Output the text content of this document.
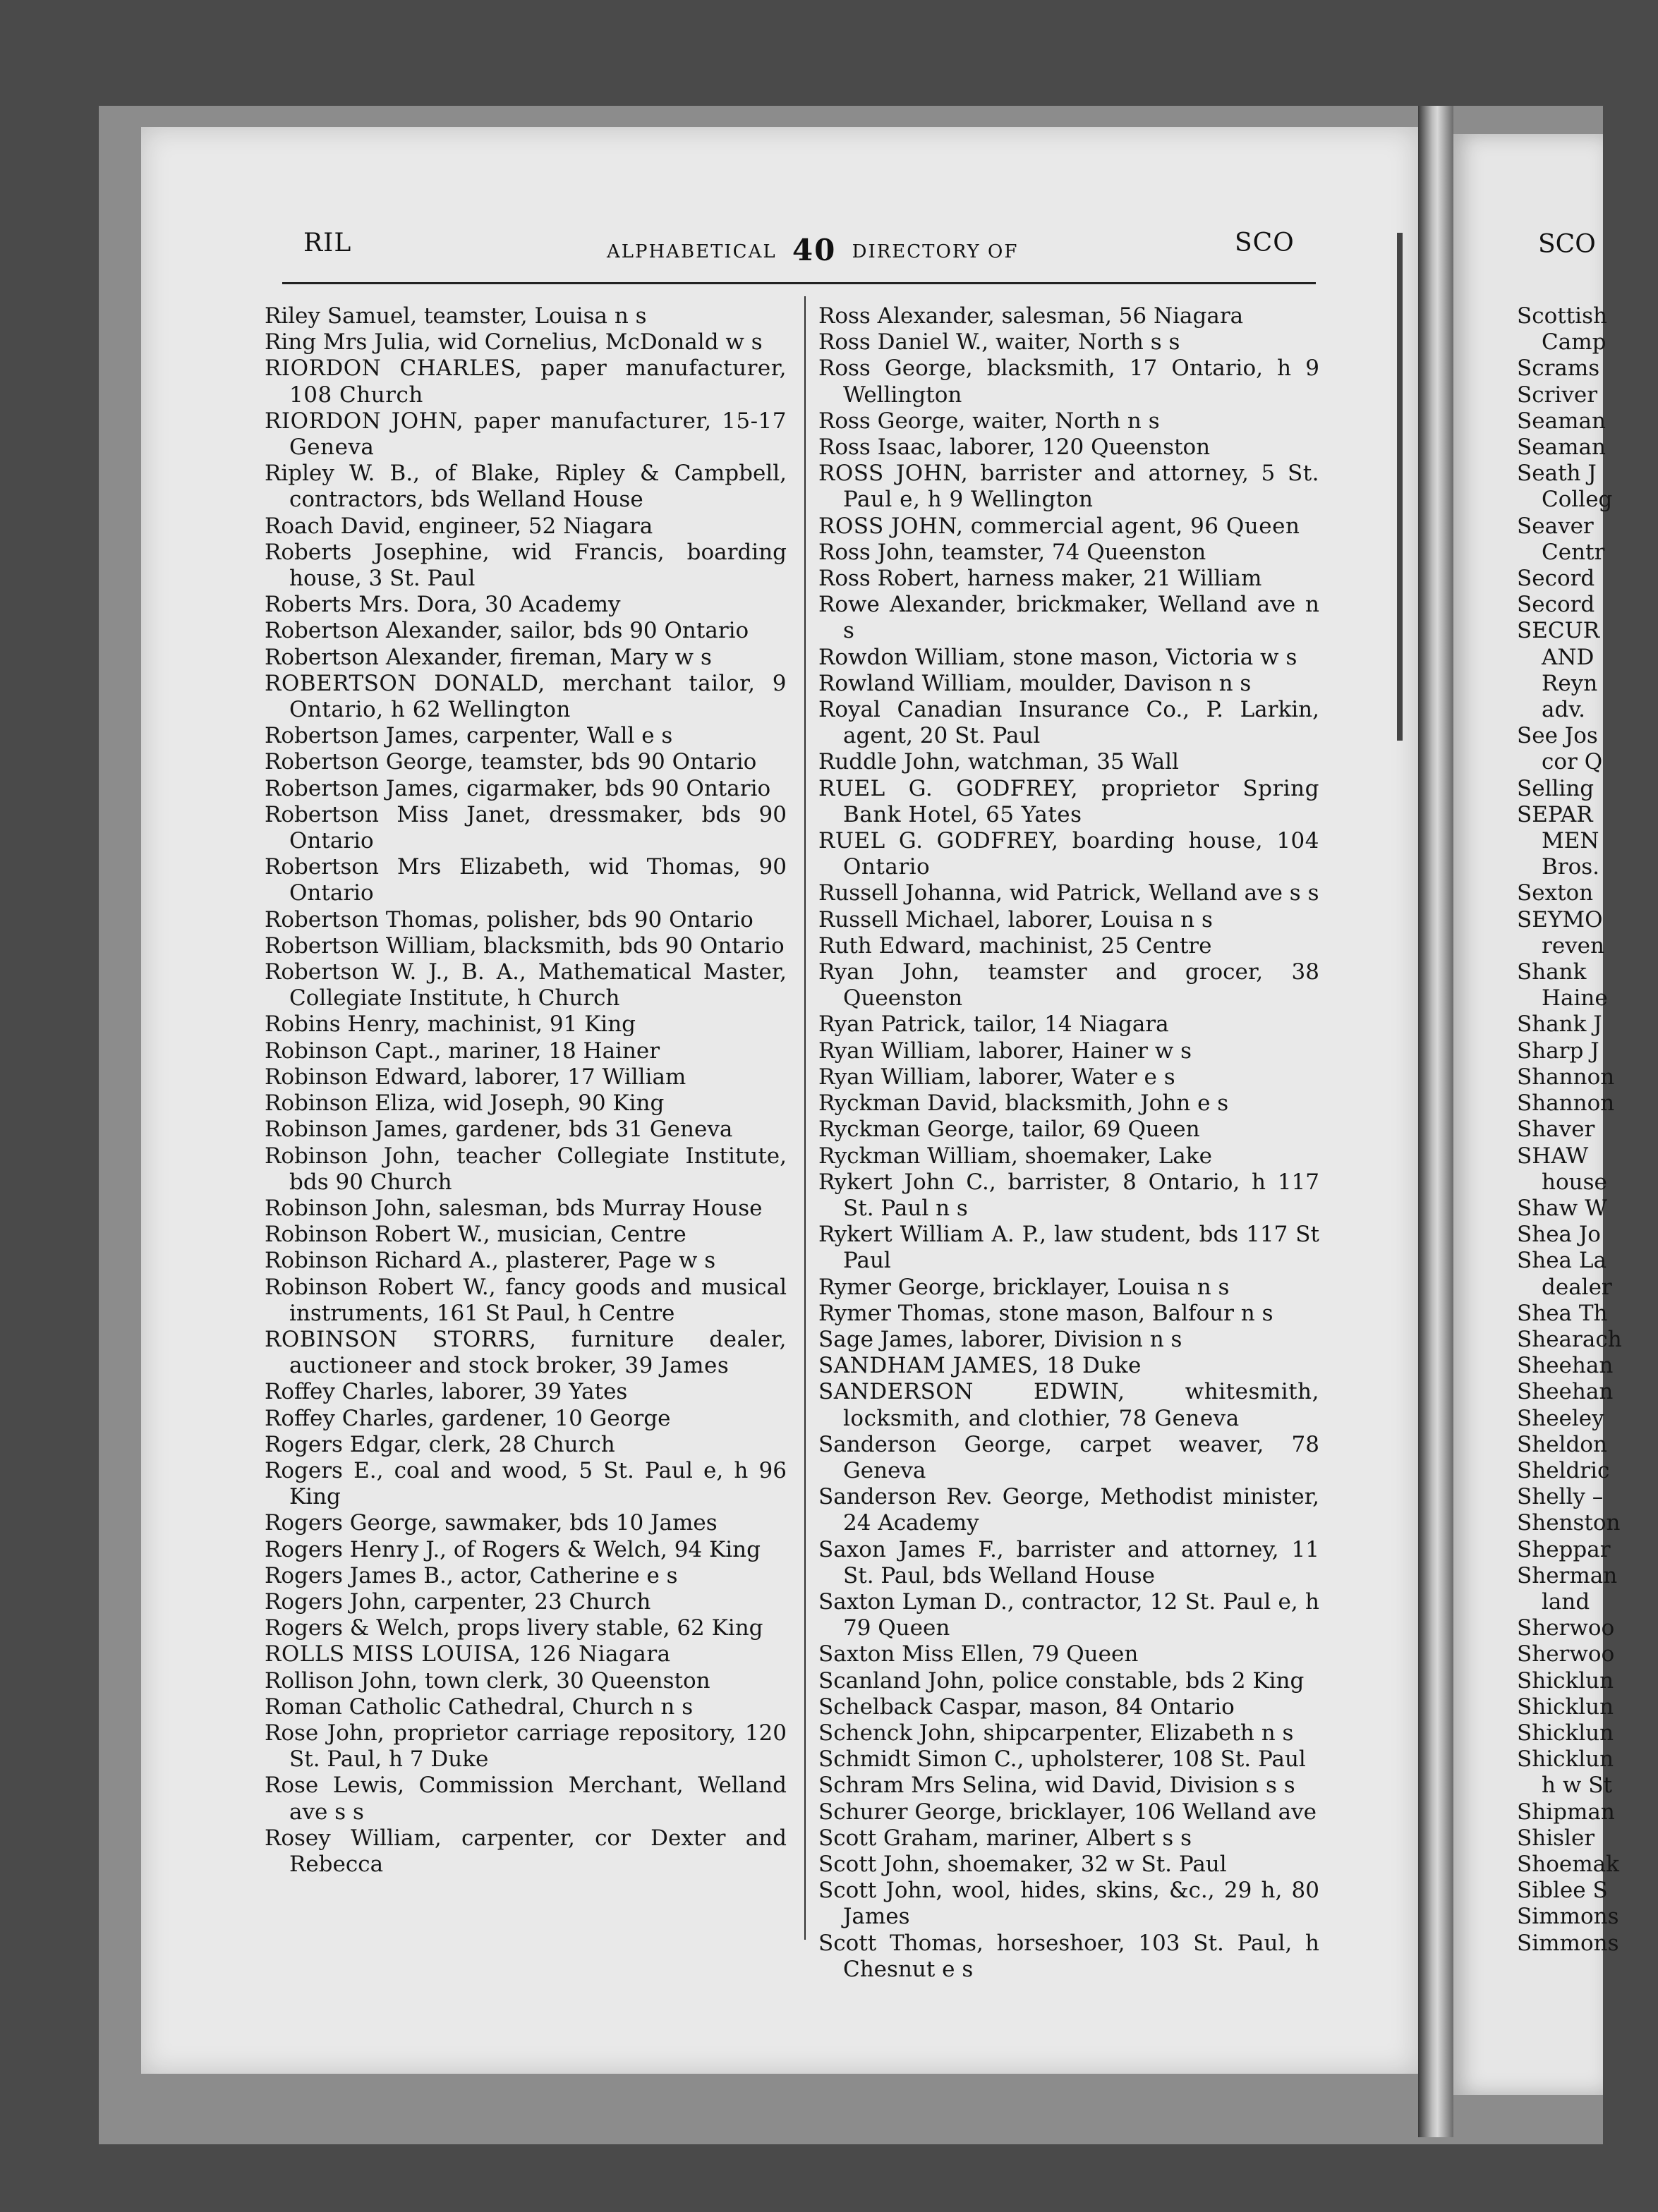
RIL	ALPHABETICAL 40 DIRECTORY OF	SCO

Riley Samuel, teamster, Louisa n s

Ring Mrs Julia, wid Cornelius, McDonald w s

RIORDON CHARLES, paper manufacturer, 108 Church

RIORDON JOHN, paper manufacturer, 15-17 Geneva

Ripley W. B., of Blake, Ripley & Campbell, contractors, bds Welland House

Roach David, engineer, 52 Niagara

Roberts Josephine, wid Francis, boarding house, 3 St. Paul

Roberts Mrs. Dora, 30 Academy

Robertson Alexander, sailor, bds 90 Ontario

Robertson Alexander, fireman, Mary w s

ROBERTSON DONALD, merchant tailor, 9 Ontario, h 62 Wellington

Robertson James, carpenter, Wall e s

Robertson George, teamster, bds 90 Ontario

Robertson James, cigarmaker, bds 90 Ontario

Robertson Miss Janet, dressmaker, bds 90 Ontario

Robertson Mrs Elizabeth, wid Thomas, 90 Ontario

Robertson Thomas, polisher, bds 90 Ontario

Robertson William, blacksmith, bds 90 Ontario

Robertson W. J., B. A., Mathematical Master, Collegiate Institute, h Church

Robins Henry, machinist, 91 King

Robinson Capt., mariner, 18 Hainer

Robinson Edward, laborer, 17 William

Robinson Eliza, wid Joseph, 90 King

Robinson James, gardener, bds 31 Geneva

Robinson John, teacher Collegiate Institute, bds 90 Church

Robinson John, salesman, bds Murray House

Robinson Robert W., musician, Centre

Robinson Richard A., plasterer, Page w s

Robinson Robert W., fancy goods and musical instruments, 161 St Paul, h Centre

ROBINSON STORRS, furniture dealer, auctioneer and stock broker, 39 James

Roffey Charles, laborer, 39 Yates

Roffey Charles, gardener, 10 George

Rogers Edgar, clerk, 28 Church

Rogers E., coal and wood, 5 St. Paul e, h 96 King

Rogers George, sawmaker, bds 10 James

Rogers Henry J., of Rogers & Welch, 94 King

Rogers James B., actor, Catherine e s

Rogers John, carpenter, 23 Church

Rogers & Welch, props livery stable, 62 King

ROLLS MISS LOUISA, 126 Niagara

Rollison John, town clerk, 30 Queenston

Roman Catholic Cathedral, Church n s

Rose John, proprietor carriage repository, 120 St. Paul, h 7 Duke

Rose Lewis, Commission Merchant, Welland ave s s

Rosey William, carpenter, cor Dexter and Rebecca

Ross Alexander, salesman, 56 Niagara

Ross Daniel W., waiter, North s s

Ross George, blacksmith, 17 Ontario, h 9 Wellington

Ross George, waiter, North n s

Ross Isaac, laborer, 120 Queenston

ROSS JOHN, barrister and attorney, 5 St. Paul e, h 9 Wellington

ROSS JOHN, commercial agent, 96 Queen

Ross John, teamster, 74 Queenston

Ross Robert, harness maker, 21 William

Rowe Alexander, brickmaker, Welland ave n s

Rowdon William, stone mason, Victoria w s

Rowland William, moulder, Davison n s

Royal Canadian Insurance Co., P. Larkin, agent, 20 St. Paul

Ruddle John, watchman, 35 Wall

RUEL G. GODFREY, proprietor Spring Bank Hotel, 65 Yates

RUEL G. GODFREY, boarding house, 104 Ontario

Russell Johanna, wid Patrick, Welland ave s s

Russell Michael, laborer, Louisa n s

Ruth Edward, machinist, 25 Centre

Ryan John, teamster and grocer, 38 Queenston

Ryan Patrick, tailor, 14 Niagara

Ryan William, laborer, Hainer w s

Ryan William, laborer, Water e s

Ryckman David, blacksmith, John e s

Ryckman George, tailor, 69 Queen

Ryckman William, shoemaker, Lake

Rykert John C., barrister, 8 Ontario, h 117 St. Paul n s

Rykert William A. P., law student, bds 117 St Paul

Rymer George, bricklayer, Louisa n s

Rymer Thomas, stone mason, Balfour n s

Sage James, laborer, Division n s

SANDHAM JAMES, 18 Duke

SANDERSON EDWIN, whitesmith, locksmith, and clothier, 78 Geneva

Sanderson George, carpet weaver, 78 Geneva

Sanderson Rev. George, Methodist minister, 24 Academy

Saxon James F., barrister and attorney, 11 St. Paul, bds Welland House

Saxton Lyman D., contractor, 12 St. Paul e, h 79 Queen

Saxton Miss Ellen, 79 Queen

Scanland John, police constable, bds 2 King

Schelback Caspar, mason, 84 Ontario

Schenck John, shipcarpenter, Elizabeth n s

Schmidt Simon C., upholsterer, 108 St. Paul

Schram Mrs Selina, wid David, Division s s

Schurer George, bricklayer, 106 Welland ave

Scott Graham, mariner, Albert s s

Scott John, shoemaker, 32 w St. Paul

Scott John, wool, hides, skins, &c., 29 h, 80 James

Scott Thomas, horseshoer, 103 St. Paul, h Chesnut e s

SCO
Scottish
Camp
Scrams
Scriver
Seaman
Seaman
Seath J
Colleg
Seaver
Centr
Secord
Secord
SECUR
AND
Reyn
adv.
See Jos
cor Q
Selling
SEPAR
MEN
Bros.
Sexton
SEYMO
reven
Shank
Haine
Shank J
Sharp J
Shannon
Shannon
Shaver
SHAW
house
Shaw W
Shea Jo
Shea La
dealer
Shea Th
Shearach
Sheehan
Sheehan
Sheeley
Sheldon
Sheldric
Shelly –
Shenston
Sheppar
Sherman
land
Sherwoo
Sherwoo
Shicklun
Shicklun
Shicklun
Shicklun
h w St
Shipman
Shisler
Shoemak
Siblee S
Simmons
Simmons
